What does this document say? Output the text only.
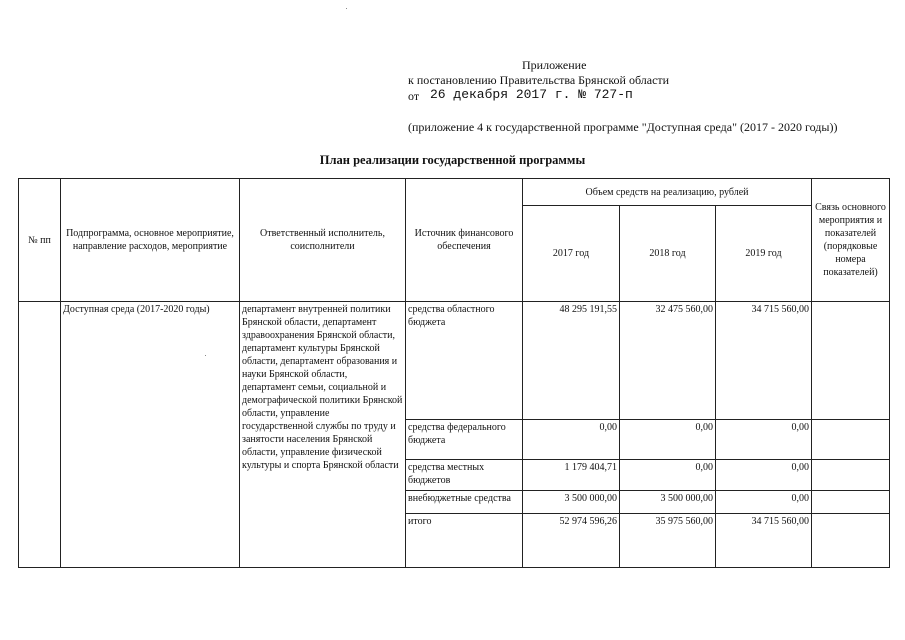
Приложение
к постановлению Правительства Брянской области
от 26 декабря 2017 г. № 727-п
(приложение 4 к государственной программе "Доступная среда" (2017 - 2020 годы))
План реализации государственной программы
№ пп	Подпрограмма, основное мероприятие, направление расходов, мероприятие	Ответственный исполнитель, соисполнители	Источник финансового обеспечения	Объем средств на реализацию, рублей			Связь основного мероприятия и показателей (порядковые номера показателей)
				2017 год	2018 год	2019 год	
	Доступная среда (2017-2020 годы)	департамент внутренней политики Брянской области, департамент здравоохранения Брянской области, департамент культуры Брянской области, департамент образования и науки Брянской области, департамент семьи, социальной и демографической политики Брянской области, управление государственной службы по труду и занятости населения Брянской области, управление физической культуры и спорта Брянской области	средства областного бюджета	48 295 191,55	32 475 560,00	34 715 560,00	
			средства федерального бюджета	0,00	0,00	0,00	
			средства местных бюджетов	1 179 404,71	0,00	0,00	
			внебюджетные средства	3 500 000,00	3 500 000,00	0,00	
			итого	52 974 596,26	35 975 560,00	34 715 560,00	
